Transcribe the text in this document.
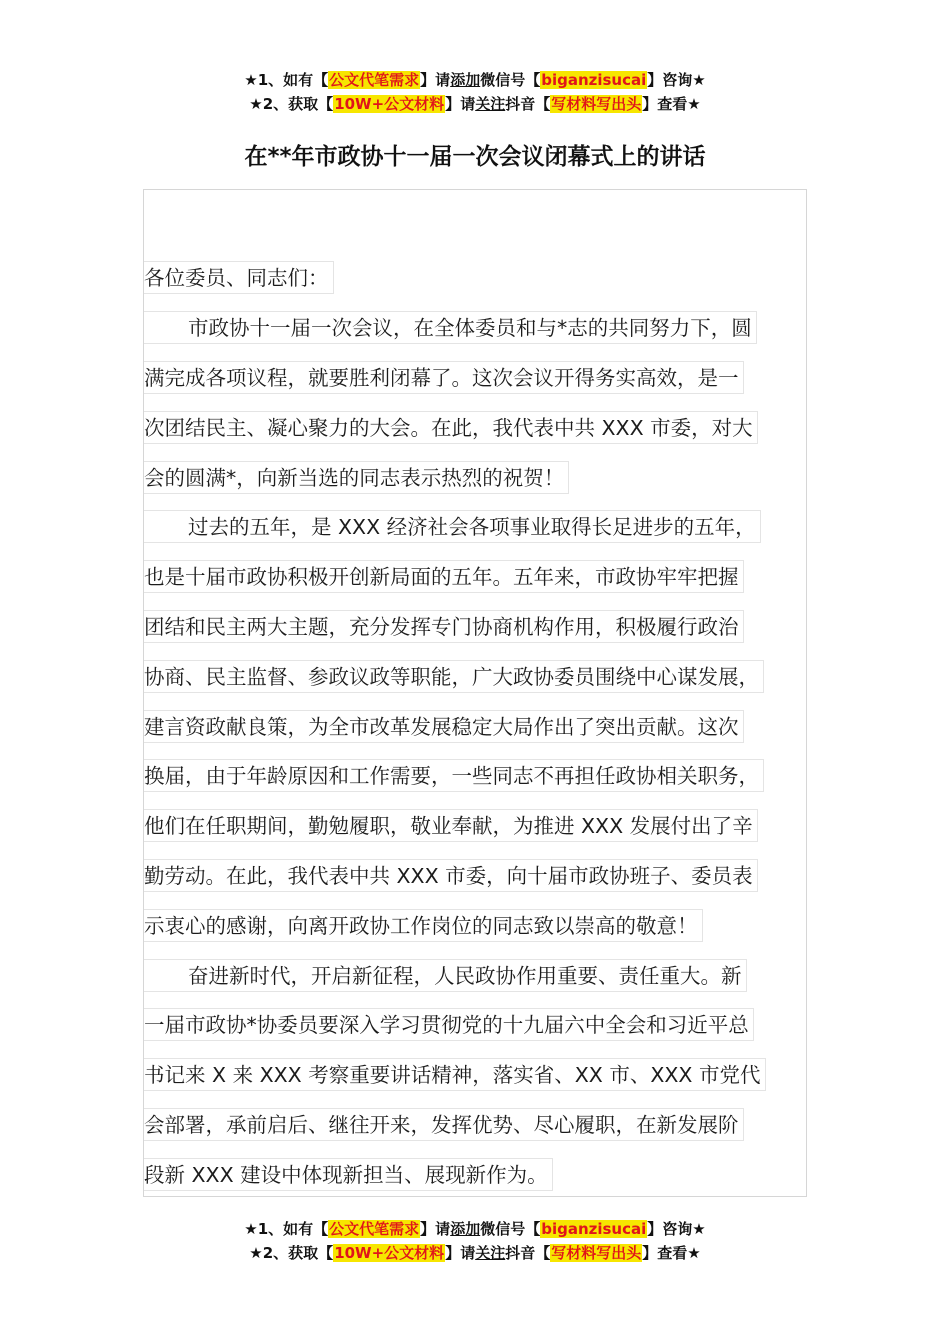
★1、如有【公文代笔需求】请添加微信号【biganzisucai】咨询★
★2、获取【10W+公文材料】请关注抖音【写材料写出头】查看★
在**年市政协十一届一次会议闭幕式上的讲话
各位委员、同志们：
市政协十一届一次会议，在全体委员和与*志的共同努力下，圆
满完成各项议程，就要胜利闭幕了。这次会议开得务实高效，是一
次团结民主、凝心聚力的大会。在此，我代表中共 XXX 市委，对大
会的圆满*，向新当选的同志表示热烈的祝贺！
过去的五年，是 XXX 经济社会各项事业取得长足进步的五年，
也是十届市政协积极开创新局面的五年。五年来，市政协牢牢把握
团结和民主两大主题，充分发挥专门协商机构作用，积极履行政治
协商、民主监督、参政议政等职能，广大政协委员围绕中心谋发展，
建言资政献良策，为全市改革发展稳定大局作出了突出贡献。这次
换届，由于年龄原因和工作需要，一些同志不再担任政协相关职务，
他们在任职期间，勤勉履职，敬业奉献，为推进 XXX 发展付出了辛
勤劳动。在此，我代表中共 XXX 市委，向十届市政协班子、委员表
示衷心的感谢，向离开政协工作岗位的同志致以崇高的敬意！
奋进新时代，开启新征程，人民政协作用重要、责任重大。新
一届市政协*协委员要深入学习贯彻党的十九届六中全会和习近平总
书记来 X 来 XXX 考察重要讲话精神，落实省、XX 市、XXX 市党代
会部署，承前启后、继往开来，发挥优势、尽心履职，在新发展阶
段新 XXX 建设中体现新担当、展现新作为。
★1、如有【公文代笔需求】请添加微信号【biganzisucai】咨询★
★2、获取【10W+公文材料】请关注抖音【写材料写出头】查看★
